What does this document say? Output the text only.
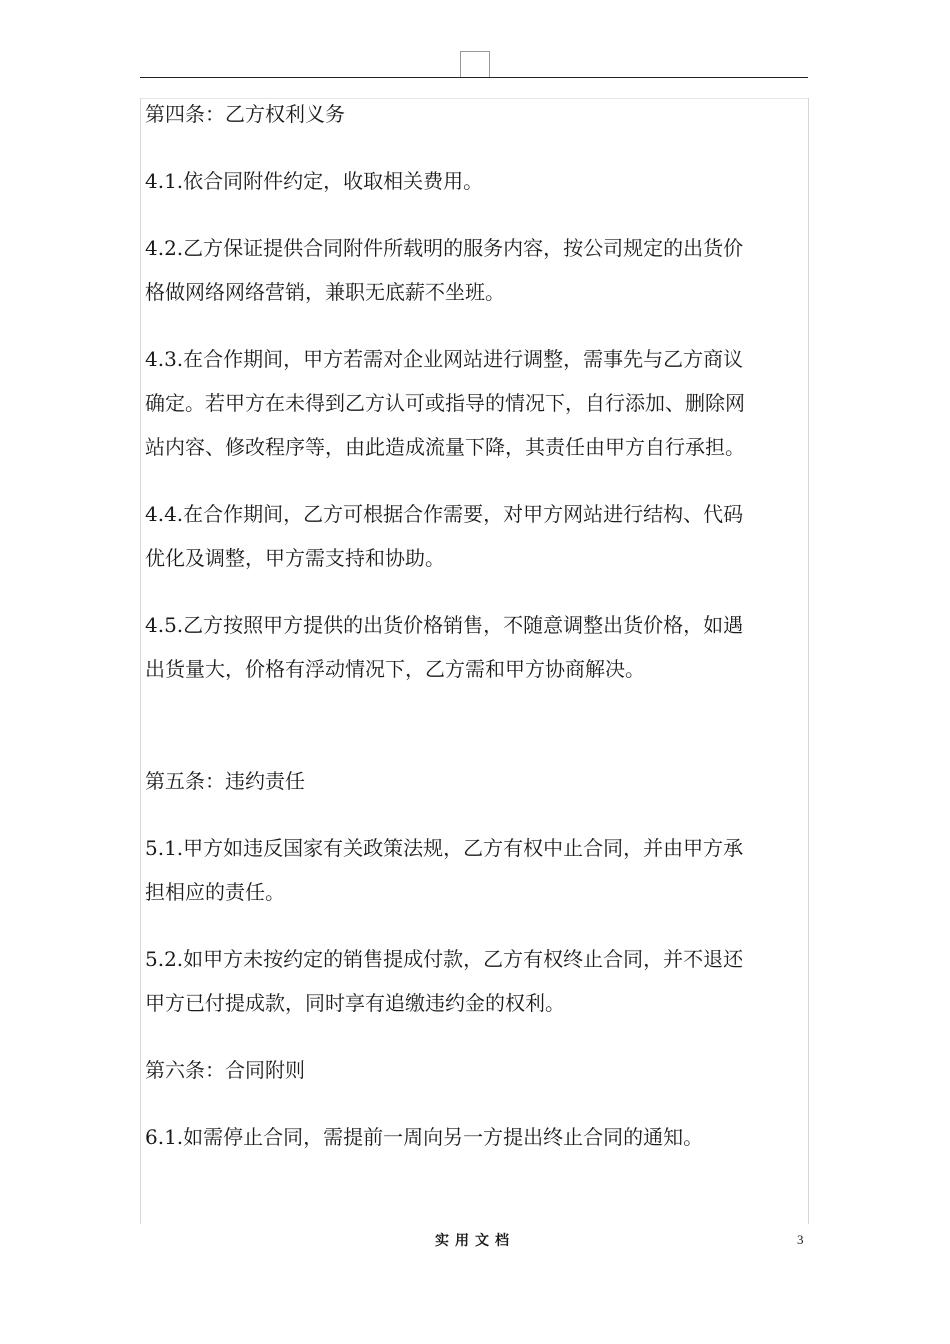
第四条：乙方权利义务

4.1.依合同附件约定，收取相关费用。

4.2.乙方保证提供合同附件所载明的服务内容，按公司规定的出货价

格做网络网络营销，兼职无底薪不坐班。

4.3.在合作期间，甲方若需对企业网站进行调整，需事先与乙方商议

确定。若甲方在未得到乙方认可或指导的情况下，自行添加、删除网

站内容、修改程序等，由此造成流量下降，其责任由甲方自行承担。

4.4.在合作期间，乙方可根据合作需要，对甲方网站进行结构、代码

优化及调整，甲方需支持和协助。

4.5.乙方按照甲方提供的出货价格销售，不随意调整出货价格，如遇

出货量大，价格有浮动情况下，乙方需和甲方协商解决。

第五条：违约责任

5.1.甲方如违反国家有关政策法规，乙方有权中止合同，并由甲方承

担相应的责任。

5.2.如甲方未按约定的销售提成付款，乙方有权终止合同，并不退还

甲方已付提成款，同时享有追缴违约金的权利。

第六条：合同附则

6.1.如需停止合同，需提前一周向另一方提出终止合同的通知。

实用文档	3
